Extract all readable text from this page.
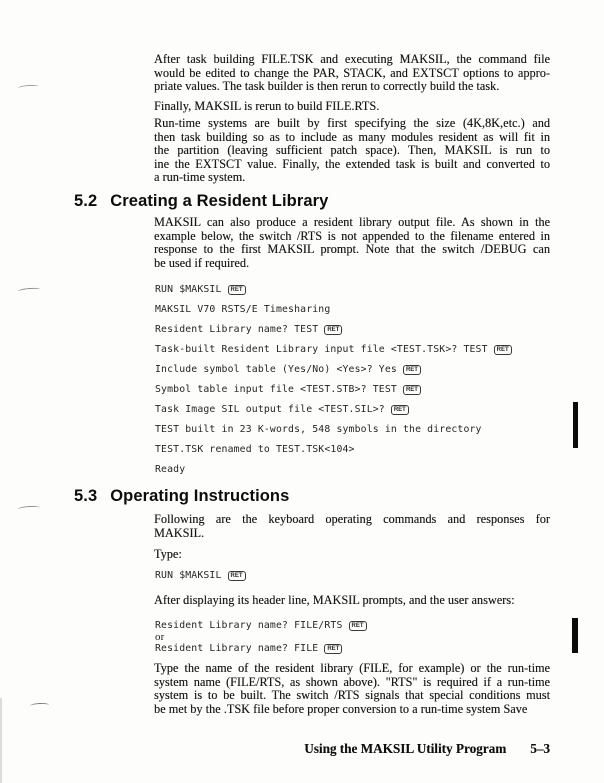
After task building FILE.TSK and executing MAKSIL, the command file
would be edited to change the PAR, STACK, and EXTSCT options to appro-
priate values. The task builder is then rerun to correctly build the task.
Finally, MAKSIL is rerun to build FILE.RTS.
Run-time systems are built by first specifying the size (4K,8K,etc.) and
then task building so as to include as many modules resident as will fit in
the partition (leaving sufficient patch space). Then, MAKSIL is run to
ine the EXTSCT value. Finally, the extended task is built and converted to
a run-time system.
5.2 Creating a Resident Library
MAKSIL can also produce a resident library output file. As shown in the
example below, the switch /RTS is not appended to the filename entered in
response to the first MAKSIL prompt. Note that the switch /DEBUG can
be used if required.
RUN $MAKSIL RET
MAKSIL V70 RSTS/E Timesharing
Resident Library name? TEST RET
Task-built Resident Library input file <TEST.TSK>? TEST RET
Include symbol table (Yes/No) <Yes>? Yes RET
Symbol table input file <TEST.STB>? TEST RET
Task Image SIL output file <TEST.SIL>? RET
TEST built in 23 K-words, 548 symbols in the directory
TEST.TSK renamed to TEST.TSK<104>
Ready
5.3 Operating Instructions
Following are the keyboard operating commands and responses for
MAKSIL.
Type:
RUN $MAKSIL RET
After displaying its header line, MAKSIL prompts, and the user answers:
Resident Library name? FILE/RTS RET
or
Resident Library name? FILE RET
Type the name of the resident library (FILE, for example) or the run-time
system name (FILE/RTS, as shown above). "RTS" is required if a run-time
system is to be built. The switch /RTS signals that special conditions must
be met by the .TSK file before proper conversion to a run-time system Save
Using the MAKSIL Utility Program 5–3
